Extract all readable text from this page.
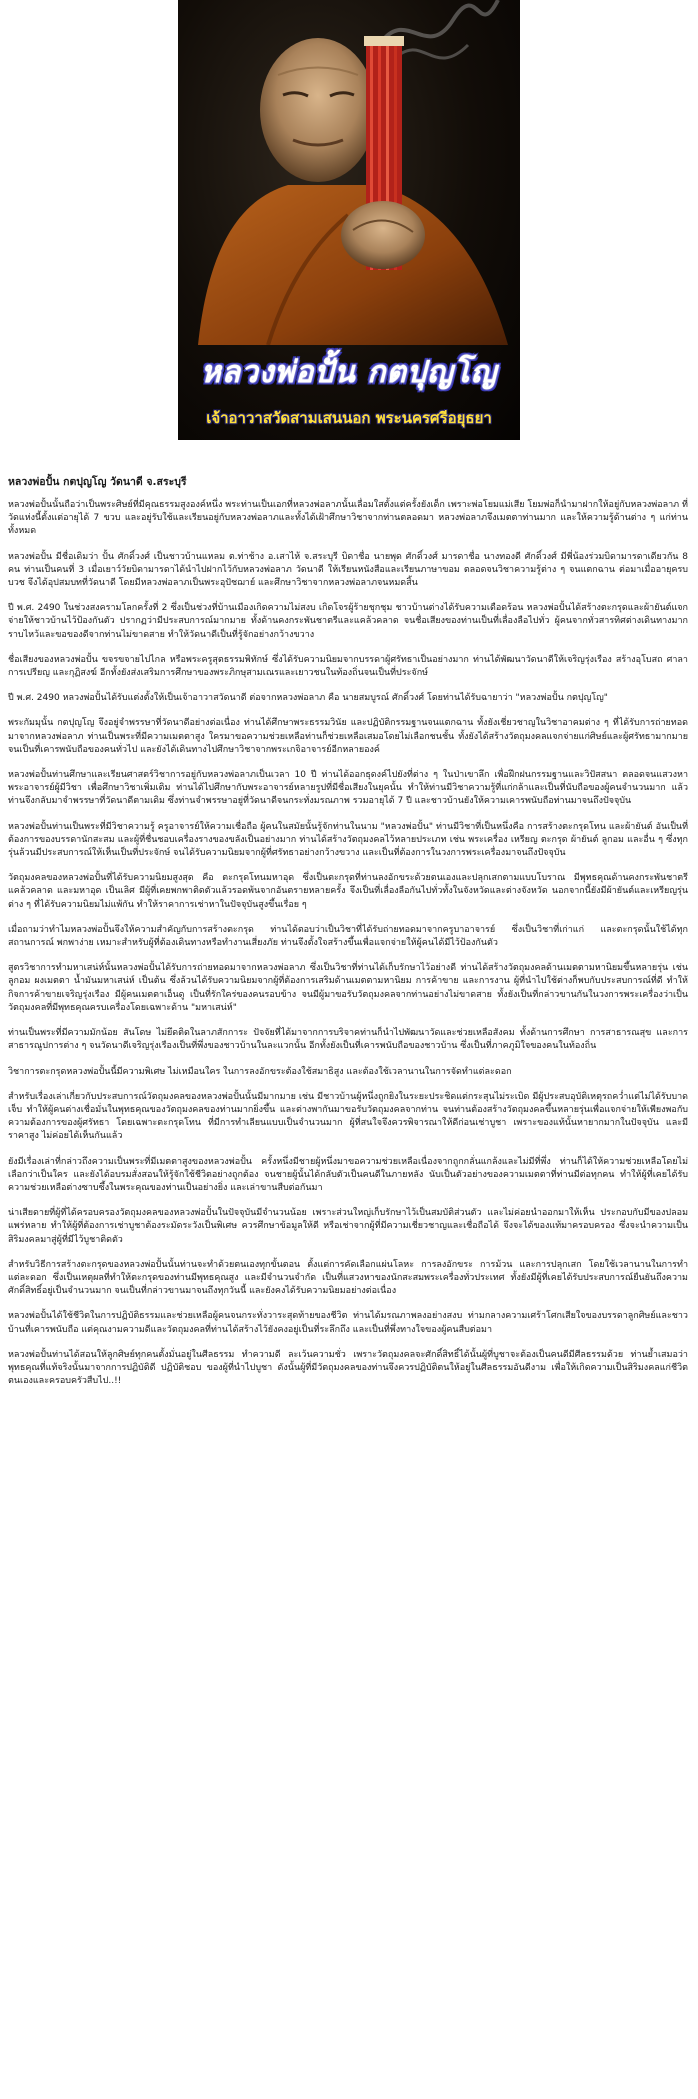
หลวงพ่อปั้น กตปุญโญ
เจ้าอาวาสวัดสามเสนนอก พระนครศรีอยุธยา
หลวงพ่อปั้น กตปุญโญ วัดนาดี จ.สระบุรี

หลวงพ่อปั้นนั้นถือว่าเป็นพระศิษย์ที่มีคุณธรรมสูงองค์หนึ่ง พระท่านเป็นเอกที่หลวงพ่อลาภนั้นเลื่อมใสตั้งแต่ครั้งยังเด็ก เพราะพ่อโยมแม่เสีย โยมพ่อก็นำมาฝากให้อยู่กับหลวงพ่อลาภ ที่วัดแห่งนี้ตั้งแต่อายุได้ 7 ขวบ และอยู่รับใช้และเรียนอยู่กับหลวงพ่อลาภและทั้งได้เฝ้าศึกษาวิชาจากท่านตลอดมา หลวงพ่อลาภจึงเมตตาท่านมาก และให้ความรู้ด้านต่าง ๆ แก่ท่านทั้งหมด

หลวงพ่อปั้น มีชื่อเดิมว่า ปั้น ศักดิ์วงศ์ เป็นชาวบ้านแหลม ต.ท่าช้าง อ.เสาไห้ จ.สระบุรี บิดาชื่อ นายพุด ศักดิ์วงศ์ มารดาชื่อ นางทองดี ศักดิ์วงศ์ มีพี่น้องร่วมบิดามารดาเดียวกัน 8 คน ท่านเป็นคนที่ 3 เมื่อเยาว์วัยบิดามารดาได้นำไปฝากไว้กับหลวงพ่อลาภ วัดนาดี ให้เรียนหนังสือและเรียนภาษาขอม ตลอดจนวิชาความรู้ต่าง ๆ จนแตกฉาน ต่อมาเมื่ออายุครบบวช จึงได้อุปสมบทที่วัดนาดี โดยมีหลวงพ่อลาภเป็นพระอุปัชฌาย์ และศึกษาวิชาจากหลวงพ่อลาภจนหมดสิ้น

ปี พ.ศ. 2490 ในช่วงสงครามโลกครั้งที่ 2 ซึ่งเป็นช่วงที่บ้านเมืองเกิดความไม่สงบ เกิดโจรผู้ร้ายชุกชุม ชาวบ้านต่างได้รับความเดือดร้อน หลวงพ่อปั้นได้สร้างตะกรุดและผ้ายันต์แจกจ่ายให้ชาวบ้านไว้ป้องกันตัว ปรากฏว่ามีประสบการณ์มากมาย ทั้งด้านคงกระพันชาตรีและแคล้วคลาด จนชื่อเสียงของท่านเป็นที่เลื่องลือไปทั่ว ผู้คนจากทั่วสารทิศต่างเดินทางมากราบไหว้และขอของดีจากท่านไม่ขาดสาย ทำให้วัดนาดีเป็นที่รู้จักอย่างกว้างขวาง

ชื่อเสียงของหลวงพ่อปั้น ขจรขจายไปไกล หรือพระครูสุตธรรมพิทักษ์ ซึ่งได้รับความนิยมจากบรรดาผู้ศรัทธาเป็นอย่างมาก ท่านได้พัฒนาวัดนาดีให้เจริญรุ่งเรือง สร้างอุโบสถ ศาลาการเปรียญ และกุฏิสงฆ์ อีกทั้งยังส่งเสริมการศึกษาของพระภิกษุสามเณรและเยาวชนในท้องถิ่นจนเป็นที่ประจักษ์

ปี พ.ศ. 2490 หลวงพ่อปั้นได้รับแต่งตั้งให้เป็นเจ้าอาวาสวัดนาดี ต่อจากหลวงพ่อลาภ คือ นายสมบูรณ์ ศักดิ์วงศ์ โดยท่านได้รับฉายาว่า "หลวงพ่อปั้น กตปุญโญ"

พระกัมมุนั้น กตปุญโญ จึงอยู่จำพรรษาที่วัดนาดีอย่างต่อเนื่อง ท่านได้ศึกษาพระธรรมวินัย และปฏิบัติกรรมฐานจนแตกฉาน ทั้งยังเชี่ยวชาญในวิชาอาคมต่าง ๆ ที่ได้รับการถ่ายทอดมาจากหลวงพ่อลาภ ท่านเป็นพระที่มีความเมตตาสูง ใครมาขอความช่วยเหลือท่านก็ช่วยเหลือเสมอโดยไม่เลือกชนชั้น ทั้งยังได้สร้างวัตถุมงคลแจกจ่ายแก่ศิษย์และผู้ศรัทธามากมาย จนเป็นที่เคารพนับถือของคนทั่วไป และยังได้เดินทางไปศึกษาวิชาจากพระเกจิอาจารย์อีกหลายองค์

หลวงพ่อปั้นท่านศึกษาและเรียนศาสตร์วิชาการอยู่กับหลวงพ่อลาภเป็นเวลา 10 ปี ท่านได้ออกธุดงค์ไปยังที่ต่าง ๆ ในป่าเขาลึก เพื่อฝึกฝนกรรมฐานและวิปัสสนา ตลอดจนแสวงหาพระอาจารย์ผู้มีวิชา เพื่อศึกษาวิชาเพิ่มเติม ท่านได้ไปศึกษากับพระอาจารย์หลายรูปที่มีชื่อเสียงในยุคนั้น ทำให้ท่านมีวิชาความรู้ที่แก่กล้าและเป็นที่นับถือของผู้คนจำนวนมาก แล้วท่านจึงกลับมาจำพรรษาที่วัดนาดีตามเดิม ซึ่งท่านจำพรรษาอยู่ที่วัดนาดีจนกระทั่งมรณภาพ รวมอายุได้ 7 ปี และชาวบ้านยังให้ความเคารพนับถือท่านมาจนถึงปัจจุบัน

หลวงพ่อปั้นท่านเป็นพระที่มีวิชาความรู้ ครูอาจารย์ให้ความเชื่อถือ ผู้คนในสมัยนั้นรู้จักท่านในนาม "หลวงพ่อปั้น" ท่านมีวิชาที่เป็นหนึ่งคือ การสร้างตะกรุดโทน และผ้ายันต์ อันเป็นที่ต้องการของบรรดานักสะสม และผู้ที่ชื่นชอบเครื่องรางของขลังเป็นอย่างมาก ท่านได้สร้างวัตถุมงคลไว้หลายประเภท เช่น พระเครื่อง เหรียญ ตะกรุด ผ้ายันต์ ลูกอม และอื่น ๆ ซึ่งทุกรุ่นล้วนมีประสบการณ์ให้เห็นเป็นที่ประจักษ์ จนได้รับความนิยมจากผู้ที่ศรัทธาอย่างกว้างขวาง และเป็นที่ต้องการในวงการพระเครื่องมาจนถึงปัจจุบัน

วัตถุมงคลของหลวงพ่อปั้นที่ได้รับความนิยมสูงสุด คือ ตะกรุดโทนมหาอุด ซึ่งเป็นตะกรุดที่ท่านลงอักขระด้วยตนเองและปลุกเสกตามแบบโบราณ มีพุทธคุณด้านคงกระพันชาตรี แคล้วคลาด และมหาอุด เป็นเลิศ มีผู้ที่เคยพกพาติดตัวแล้วรอดพ้นจากอันตรายหลายครั้ง จึงเป็นที่เลื่องลือกันไปทั่วทั้งในจังหวัดและต่างจังหวัด นอกจากนี้ยังมีผ้ายันต์และเหรียญรุ่นต่าง ๆ ที่ได้รับความนิยมไม่แพ้กัน ทำให้ราคาการเช่าหาในปัจจุบันสูงขึ้นเรื่อย ๆ

เมื่อถามว่าทำไมหลวงพ่อปั้นจึงให้ความสำคัญกับการสร้างตะกรุด ท่านได้ตอบว่าเป็นวิชาที่ได้รับถ่ายทอดมาจากครูบาอาจารย์ ซึ่งเป็นวิชาที่เก่าแก่ และตะกรุดนั้นใช้ได้ทุกสถานการณ์ พกพาง่าย เหมาะสำหรับผู้ที่ต้องเดินทางหรือทำงานเสี่ยงภัย ท่านจึงตั้งใจสร้างขึ้นเพื่อแจกจ่ายให้ผู้คนได้มีไว้ป้องกันตัว

สูตรวิชาการทำมหาเสน่ห์นั้นหลวงพ่อปั้นได้รับการถ่ายทอดมาจากหลวงพ่อลาภ ซึ่งเป็นวิชาที่ท่านได้เก็บรักษาไว้อย่างดี ท่านได้สร้างวัตถุมงคลด้านเมตตามหานิยมขึ้นหลายรุ่น เช่น ลูกอม ผงเมตตา น้ำมันมหาเสน่ห์ เป็นต้น ซึ่งล้วนได้รับความนิยมจากผู้ที่ต้องการเสริมด้านเมตตามหานิยม การค้าขาย และการงาน ผู้ที่นำไปใช้ต่างก็พบกับประสบการณ์ที่ดี ทำให้กิจการค้าขายเจริญรุ่งเรือง มีผู้คนเมตตาเอ็นดู เป็นที่รักใคร่ของคนรอบข้าง จนมีผู้มาขอรับวัตถุมงคลจากท่านอย่างไม่ขาดสาย ทั้งยังเป็นที่กล่าวขานกันในวงการพระเครื่องว่าเป็นวัตถุมงคลที่มีพุทธคุณครบเครื่องโดยเฉพาะด้าน "มหาเสน่ห์"

ท่านเป็นพระที่มีความมักน้อย สันโดษ ไม่ยึดติดในลาภสักการะ ปัจจัยที่ได้มาจากการบริจาคท่านก็นำไปพัฒนาวัดและช่วยเหลือสังคม ทั้งด้านการศึกษา การสาธารณสุข และการสาธารณูปการต่าง ๆ จนวัดนาดีเจริญรุ่งเรืองเป็นที่พึ่งของชาวบ้านในละแวกนั้น อีกทั้งยังเป็นที่เคารพนับถือของชาวบ้าน ซึ่งเป็นที่ภาคภูมิใจของคนในท้องถิ่น

วิชาการตะกรุดหลวงพ่อปั้นนี้มีความพิเศษ ไม่เหมือนใคร ในการลงอักขระต้องใช้สมาธิสูง และต้องใช้เวลานานในการจัดทำแต่ละดอก

สำหรับเรื่องเล่าเกี่ยวกับประสบการณ์วัตถุมงคลของหลวงพ่อปั้นนั้นมีมากมาย เช่น มีชาวบ้านผู้หนึ่งถูกยิงในระยะประชิดแต่กระสุนไม่ระเบิด มีผู้ประสบอุบัติเหตุรถคว่ำแต่ไม่ได้รับบาดเจ็บ ทำให้ผู้คนต่างเชื่อมั่นในพุทธคุณของวัตถุมงคลของท่านมากยิ่งขึ้น และต่างพากันมาขอรับวัตถุมงคลจากท่าน จนท่านต้องสร้างวัตถุมงคลขึ้นหลายรุ่นเพื่อแจกจ่ายให้เพียงพอกับความต้องการของผู้ศรัทธา โดยเฉพาะตะกรุดโทน ที่มีการทำเลียนแบบเป็นจำนวนมาก ผู้ที่สนใจจึงควรพิจารณาให้ดีก่อนเช่าบูชา เพราะของแท้นั้นหายากมากในปัจจุบัน และมีราคาสูง ไม่ค่อยได้เห็นกันแล้ว

ยังมีเรื่องเล่าที่กล่าวถึงความเป็นพระที่มีเมตตาสูงของหลวงพ่อปั้น ครั้งหนึ่งมีชายผู้หนึ่งมาขอความช่วยเหลือเนื่องจากถูกกลั่นแกล้งและไม่มีที่พึ่ง ท่านก็ได้ให้ความช่วยเหลือโดยไม่เลือกว่าเป็นใคร และยังได้อบรมสั่งสอนให้รู้จักใช้ชีวิตอย่างถูกต้อง จนชายผู้นั้นได้กลับตัวเป็นคนดีในภายหลัง นับเป็นตัวอย่างของความเมตตาที่ท่านมีต่อทุกคน ทำให้ผู้ที่เคยได้รับความช่วยเหลือต่างซาบซึ้งในพระคุณของท่านเป็นอย่างยิ่ง และเล่าขานสืบต่อกันมา

น่าเสียดายที่ผู้ที่ได้ครอบครองวัตถุมงคลของหลวงพ่อปั้นในปัจจุบันมีจำนวนน้อย เพราะส่วนใหญ่เก็บรักษาไว้เป็นสมบัติส่วนตัว และไม่ค่อยนำออกมาให้เห็น ประกอบกับมีของปลอมแพร่หลาย ทำให้ผู้ที่ต้องการเช่าบูชาต้องระมัดระวังเป็นพิเศษ ควรศึกษาข้อมูลให้ดี หรือเช่าจากผู้ที่มีความเชี่ยวชาญและเชื่อถือได้ จึงจะได้ของแท้มาครอบครอง ซึ่งจะนำความเป็นสิริมงคลมาสู่ผู้ที่มีไว้บูชาติดตัว

สำหรับวิธีการสร้างตะกรุดของหลวงพ่อปั้นนั้นท่านจะทำด้วยตนเองทุกขั้นตอน ตั้งแต่การคัดเลือกแผ่นโลหะ การลงอักขระ การม้วน และการปลุกเสก โดยใช้เวลานานในการทำแต่ละดอก ซึ่งเป็นเหตุผลที่ทำให้ตะกรุดของท่านมีพุทธคุณสูง และมีจำนวนจำกัด เป็นที่แสวงหาของนักสะสมพระเครื่องทั่วประเทศ ทั้งยังมีผู้ที่เคยได้รับประสบการณ์ยืนยันถึงความศักดิ์สิทธิ์อยู่เป็นจำนวนมาก จนเป็นที่กล่าวขานมาจนถึงทุกวันนี้ และยังคงได้รับความนิยมอย่างต่อเนื่อง

หลวงพ่อปั้นได้ใช้ชีวิตในการปฏิบัติธรรมและช่วยเหลือผู้คนจนกระทั่งวาระสุดท้ายของชีวิต ท่านได้มรณภาพลงอย่างสงบ ท่ามกลางความเศร้าโศกเสียใจของบรรดาลูกศิษย์และชาวบ้านที่เคารพนับถือ แต่คุณงามความดีและวัตถุมงคลที่ท่านได้สร้างไว้ยังคงอยู่เป็นที่ระลึกถึง และเป็นที่พึ่งทางใจของผู้คนสืบต่อมา

หลวงพ่อปั้นท่านได้สอนให้ลูกศิษย์ทุกคนตั้งมั่นอยู่ในศีลธรรม ทำความดี ละเว้นความชั่ว เพราะวัตถุมงคลจะศักดิ์สิทธิ์ได้นั้นผู้ที่บูชาจะต้องเป็นคนดีมีศีลธรรมด้วย ท่านย้ำเสมอว่าพุทธคุณที่แท้จริงนั้นมาจากการปฏิบัติดี ปฏิบัติชอบ ของผู้ที่นำไปบูชา ดังนั้นผู้ที่มีวัตถุมงคลของท่านจึงควรปฏิบัติตนให้อยู่ในศีลธรรมอันดีงาม เพื่อให้เกิดความเป็นสิริมงคลแก่ชีวิตตนเองและครอบครัวสืบไป..!!
